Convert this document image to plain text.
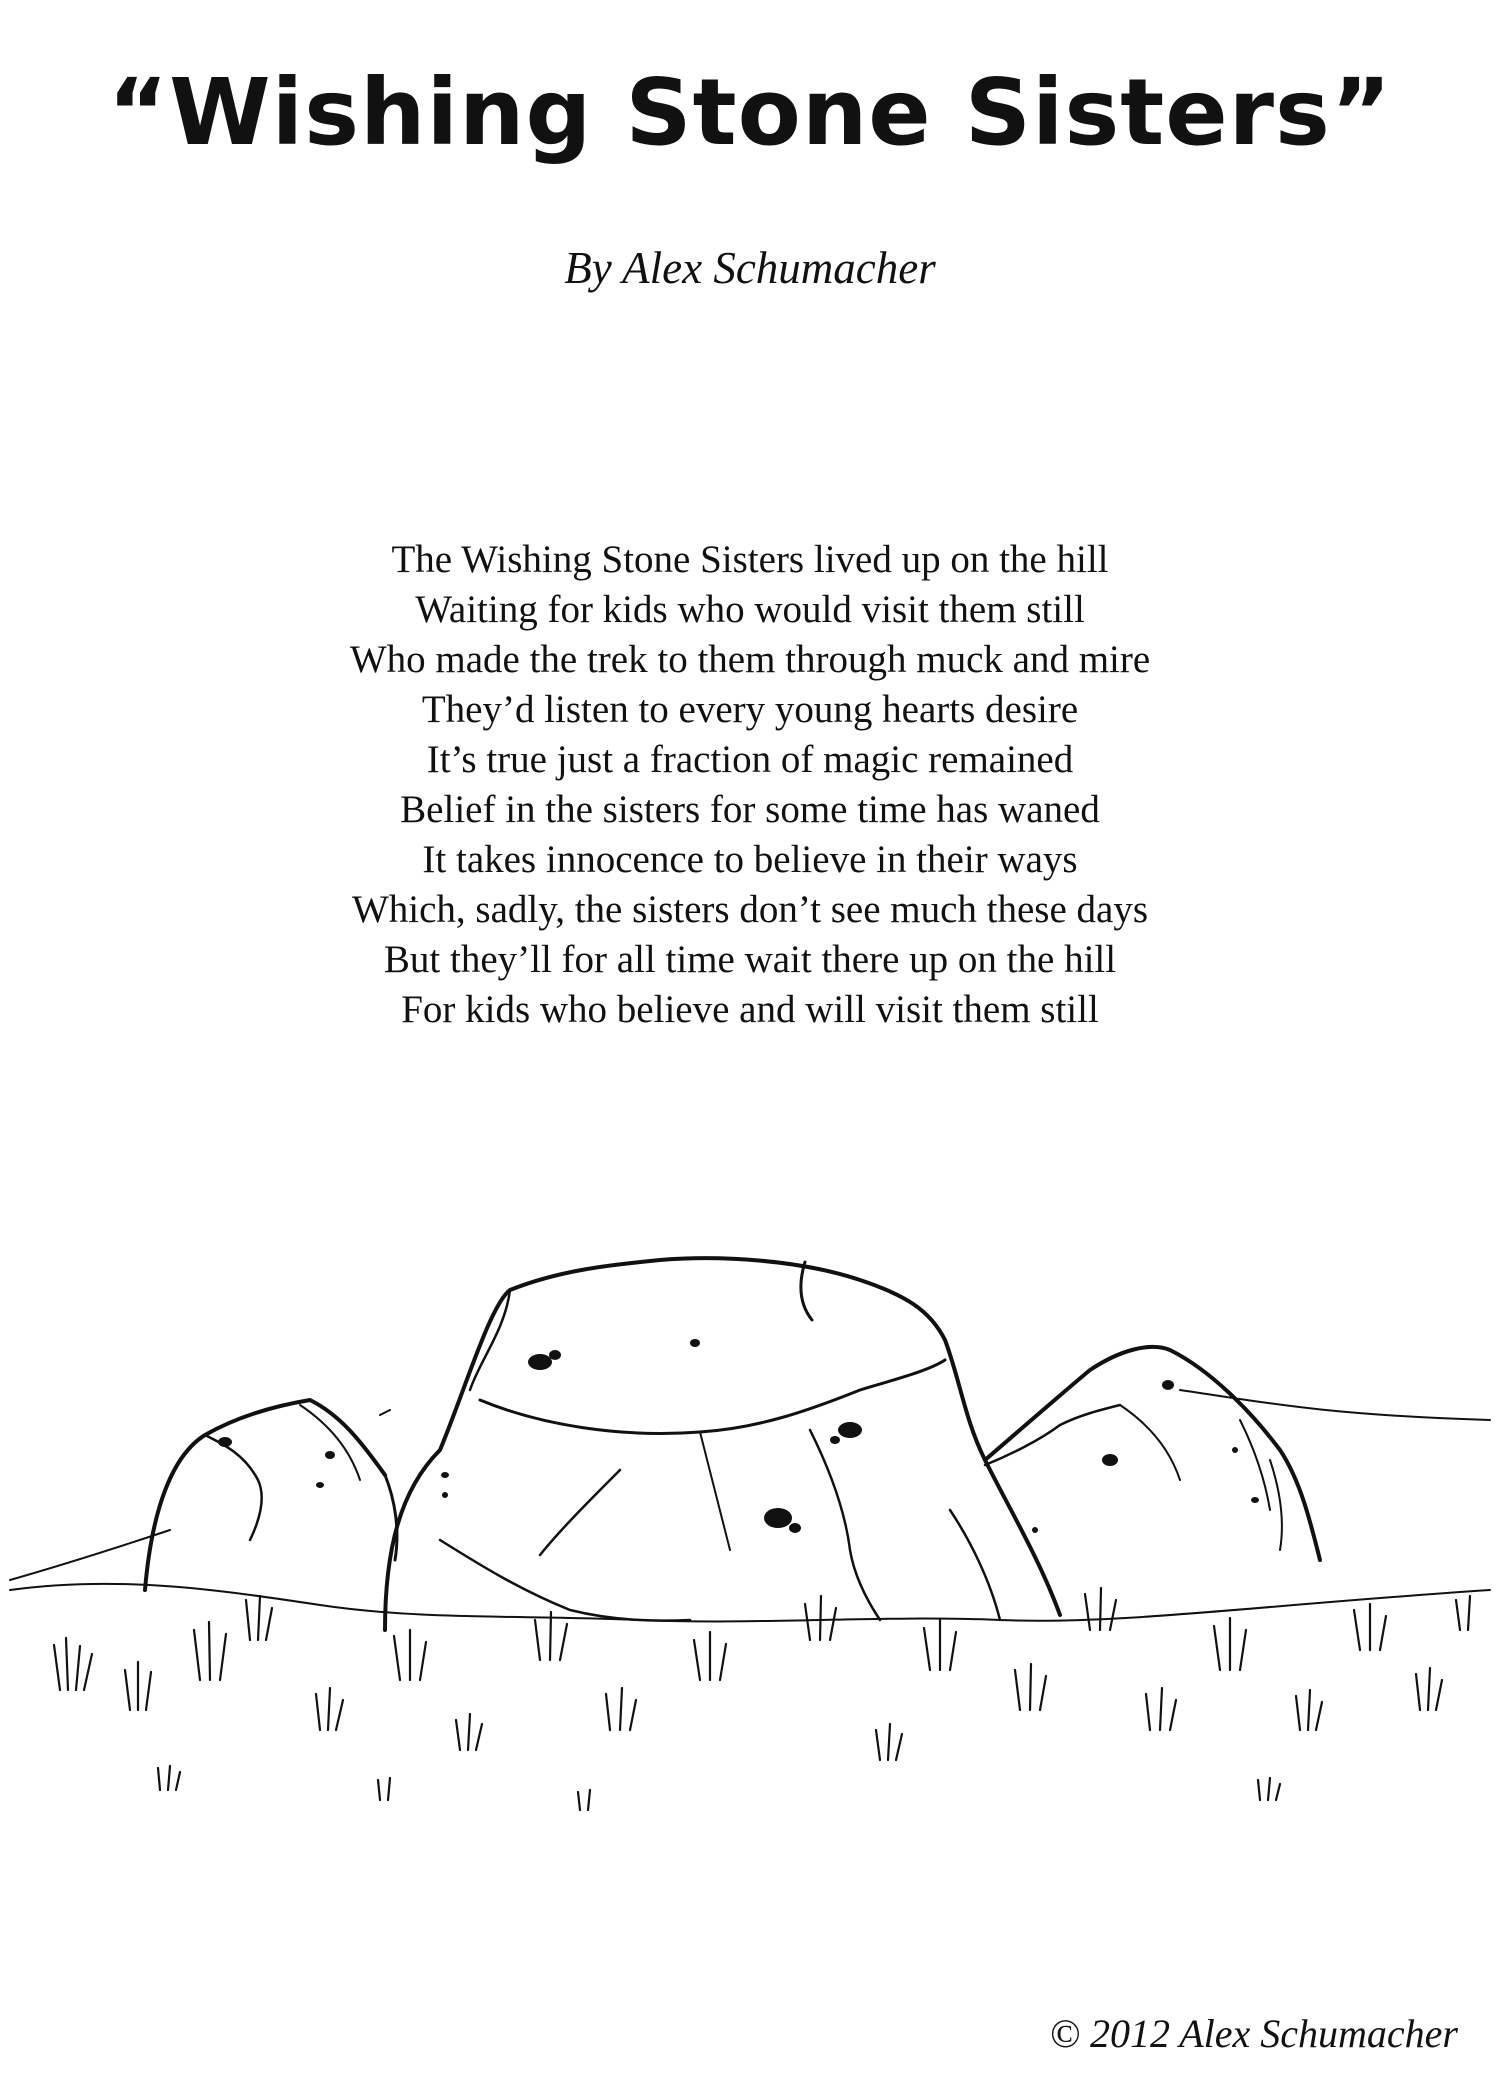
“Wishing Stone Sisters”
By Alex Schumacher
The Wishing Stone Sisters lived up on the hill
Waiting for kids who would visit them still
Who made the trek to them through muck and mire
They’d listen to every young hearts desire
It’s true just a fraction of magic remained
Belief in the sisters for some time has waned
It takes innocence to believe in their ways
Which, sadly, the sisters don’t see much these days
But they’ll for all time wait there up on the hill
For kids who believe and will visit them still
© 2012 Alex Schumacher
